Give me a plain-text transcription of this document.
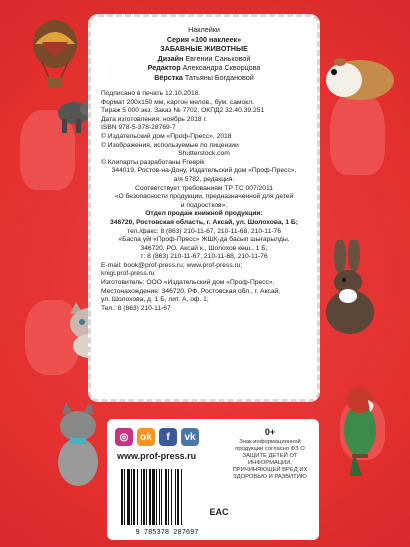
Наклейки
Серия «100 наклеек»
ЗАБАВНЫЕ ЖИВОТНЫЕ
Дизайн Евгении Саньковой
Редактор Александра Скворцова
Вёрстка Татьяны Богдановой
Подписано в печать 12.10.2018.
Формат 200x150 мм, картон мелов., бум. самокл.
Тираж 5 000 экз. Заказ № 7702. ОКПД2 32.40.39.251
Дата изготовления: ноябрь 2018 г.
ISBN 978-5-378-28769-7
© Издательский дом «Проф-Пресс», 2018
© Изображения, используемые по лицензии
Shutterstock.com
© Клипарты разработаны Freepik
344019, Ростов-на-Дону, Издательский дом «Проф-Пресс»,
а/я 5782, редакция.
Соответствует требованиям ТР ТС 007/2011
«О безопасности продукции, предназначенной для детей
и подростков».
Отдел продаж книжной продукции:
346720, Ростовская область, г. Аксай, ул. Шолохова, 1 Б;
тел./факс: 8 (863) 210-11-67, 210-11-68, 210-11-76
«Баспа үйі «Проф-Пресс» ЖШҚ-да басып шығарылды.
346720, РО, Аксай к., Шолохов көш., 1 Б;
т: 8 (863) 210-11-67, 210-11-68, 210-11-76
E-mail: book@prof-press.ru; www.prof-press.ru;
knigi.prof-press.ru
Изготовитель: ООО «Издательский дом «Проф-Пресс».
Местонахождение: 346720, РФ, Ростовская обл., г. Аксай,
ул. Шолохова, д. 1 Б, лит. А, оф. 1;
Тел.: 8 (863) 210-11-67
◎ ok f vk
www.prof-press.ru
9 785378 287697
0+
Знак информационной продукции согласно ФЗ О ЗАЩИТЕ ДЕТЕЙ ОТ ИНФОРМАЦИИ, ПРИЧИНЯЮЩЕЙ ВРЕД ИХ ЗДОРОВЬЮ И РАЗВИТИЮ
EAC
